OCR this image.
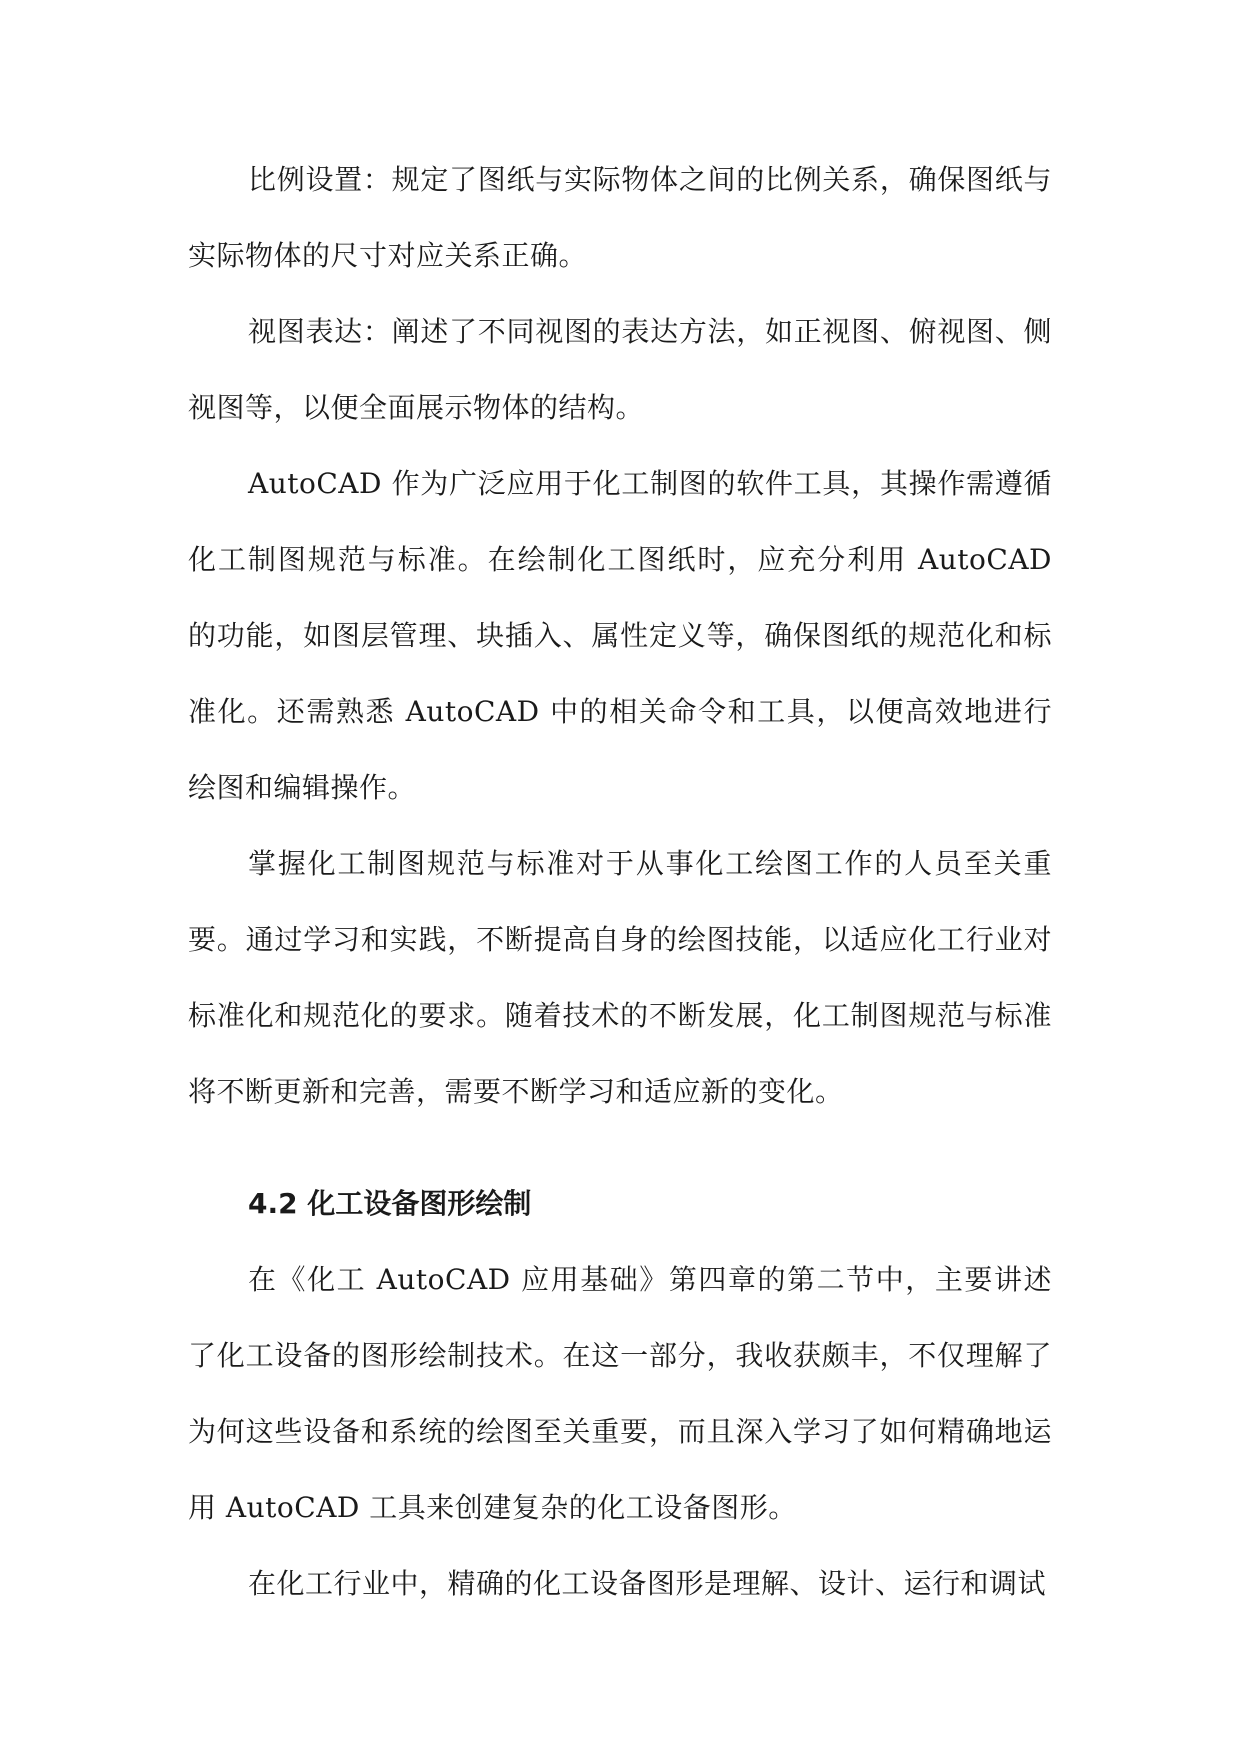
比例设置：规定了图纸与实际物体之间的比例关系，确保图纸与实际物体的尺寸对应关系正确。

视图表达：阐述了不同视图的表达方法，如正视图、俯视图、侧视图等，以便全面展示物体的结构。

AutoCAD 作为广泛应用于化工制图的软件工具，其操作需遵循化工制图规范与标准。在绘制化工图纸时，应充分利用 AutoCAD 的功能，如图层管理、块插入、属性定义等，确保图纸的规范化和标准化。还需熟悉 AutoCAD 中的相关命令和工具，以便高效地进行绘图和编辑操作。

掌握化工制图规范与标准对于从事化工绘图工作的人员至关重要。通过学习和实践，不断提高自身的绘图技能，以适应化工行业对标准化和规范化的要求。随着技术的不断发展，化工制图规范与标准将不断更新和完善，需要不断学习和适应新的变化。

4.2 化工设备图形绘制

在《化工 AutoCAD 应用基础》第四章的第二节中，主要讲述了化工设备的图形绘制技术。在这一部分，我收获颇丰，不仅理解了为何这些设备和系统的绘图至关重要，而且深入学习了如何精确地运用 AutoCAD 工具来创建复杂的化工设备图形。

在化工行业中，精确的化工设备图形是理解、设计、运行和调试
